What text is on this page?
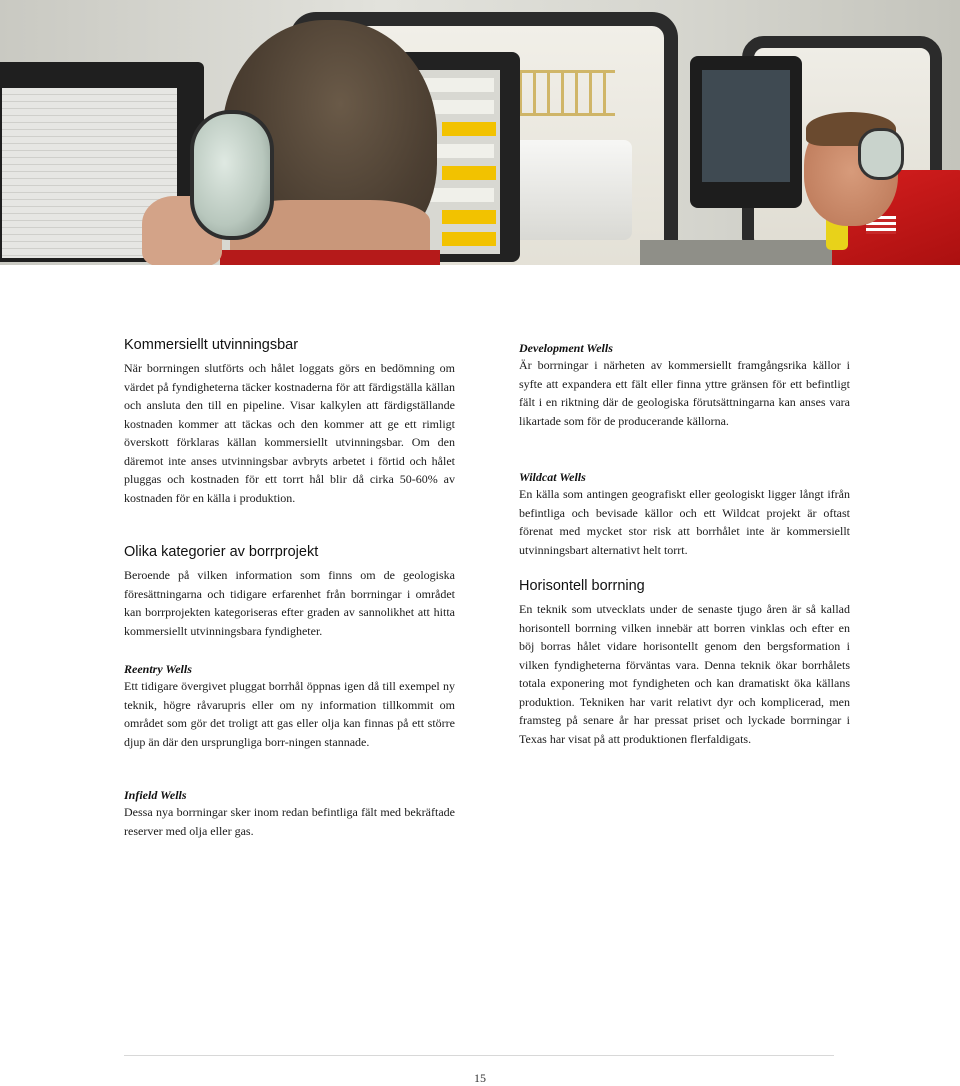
Kommersiellt utvinningsbar

När borrningen slutförts och hålet loggats görs en bedömning om värdet på fyndigheterna täcker kostnaderna för att färdigställa källan och ansluta den till en pipeline. Visar kalkylen att färdigställande kostnaden kommer att täckas och den kommer att ge ett rimligt överskott förklaras källan kommersiellt utvinningsbar. Om den däremot inte anses utvinningsbar avbryts arbetet i förtid och hålet pluggas och kostnaden för ett torrt hål blir då cirka 50-60% av kostnaden för en källa i produktion.

Olika kategorier av borrprojekt

Beroende på vilken information som finns om de geologiska föresättningarna och tidigare erfarenhet från borrningar i området kan borrprojekten kategoriseras efter graden av sannolikhet att hitta kommersiellt utvinningsbara fyndigheter.

Reentry Wells

Ett tidigare övergivet pluggat borrhål öppnas igen då till exempel ny teknik, högre råvarupris eller om ny information tillkommit om området som gör det troligt att gas eller olja kan finnas på ett större djup än där den ursprungliga borr-ningen stannade.

Infield Wells

Dessa nya borrningar sker inom redan befintliga fält med bekräftade reserver med olja eller gas.

Development Wells

Är borrningar i närheten av kommersiellt framgångsrika källor i syfte att expandera ett fält eller finna yttre gränsen för ett befintligt fält i en riktning där de geologiska förutsättningarna kan anses vara likartade som för de producerande källorna.

Wildcat Wells

En källa som antingen geografiskt eller geologiskt ligger långt ifrån befintliga och bevisade källor och ett Wildcat projekt är oftast förenat med mycket stor risk att borrhålet inte är kommersiellt utvinningsbart alternativt helt torrt.

Horisontell borrning

En teknik som utvecklats under de senaste tjugo åren är så kallad horisontell borrning vilken innebär att borren vinklas och efter en böj borras hålet vidare horisontellt genom den bergsformation i vilken fyndigheterna förväntas vara. Denna teknik ökar borrhålets totala exponering mot fyndigheten och kan dramatiskt öka källans produktion. Tekniken har varit relativt dyr och komplicerad, men framsteg på senare år har pressat priset och lyckade borrningar i Texas har visat på att produktionen flerfaldigats.

15
